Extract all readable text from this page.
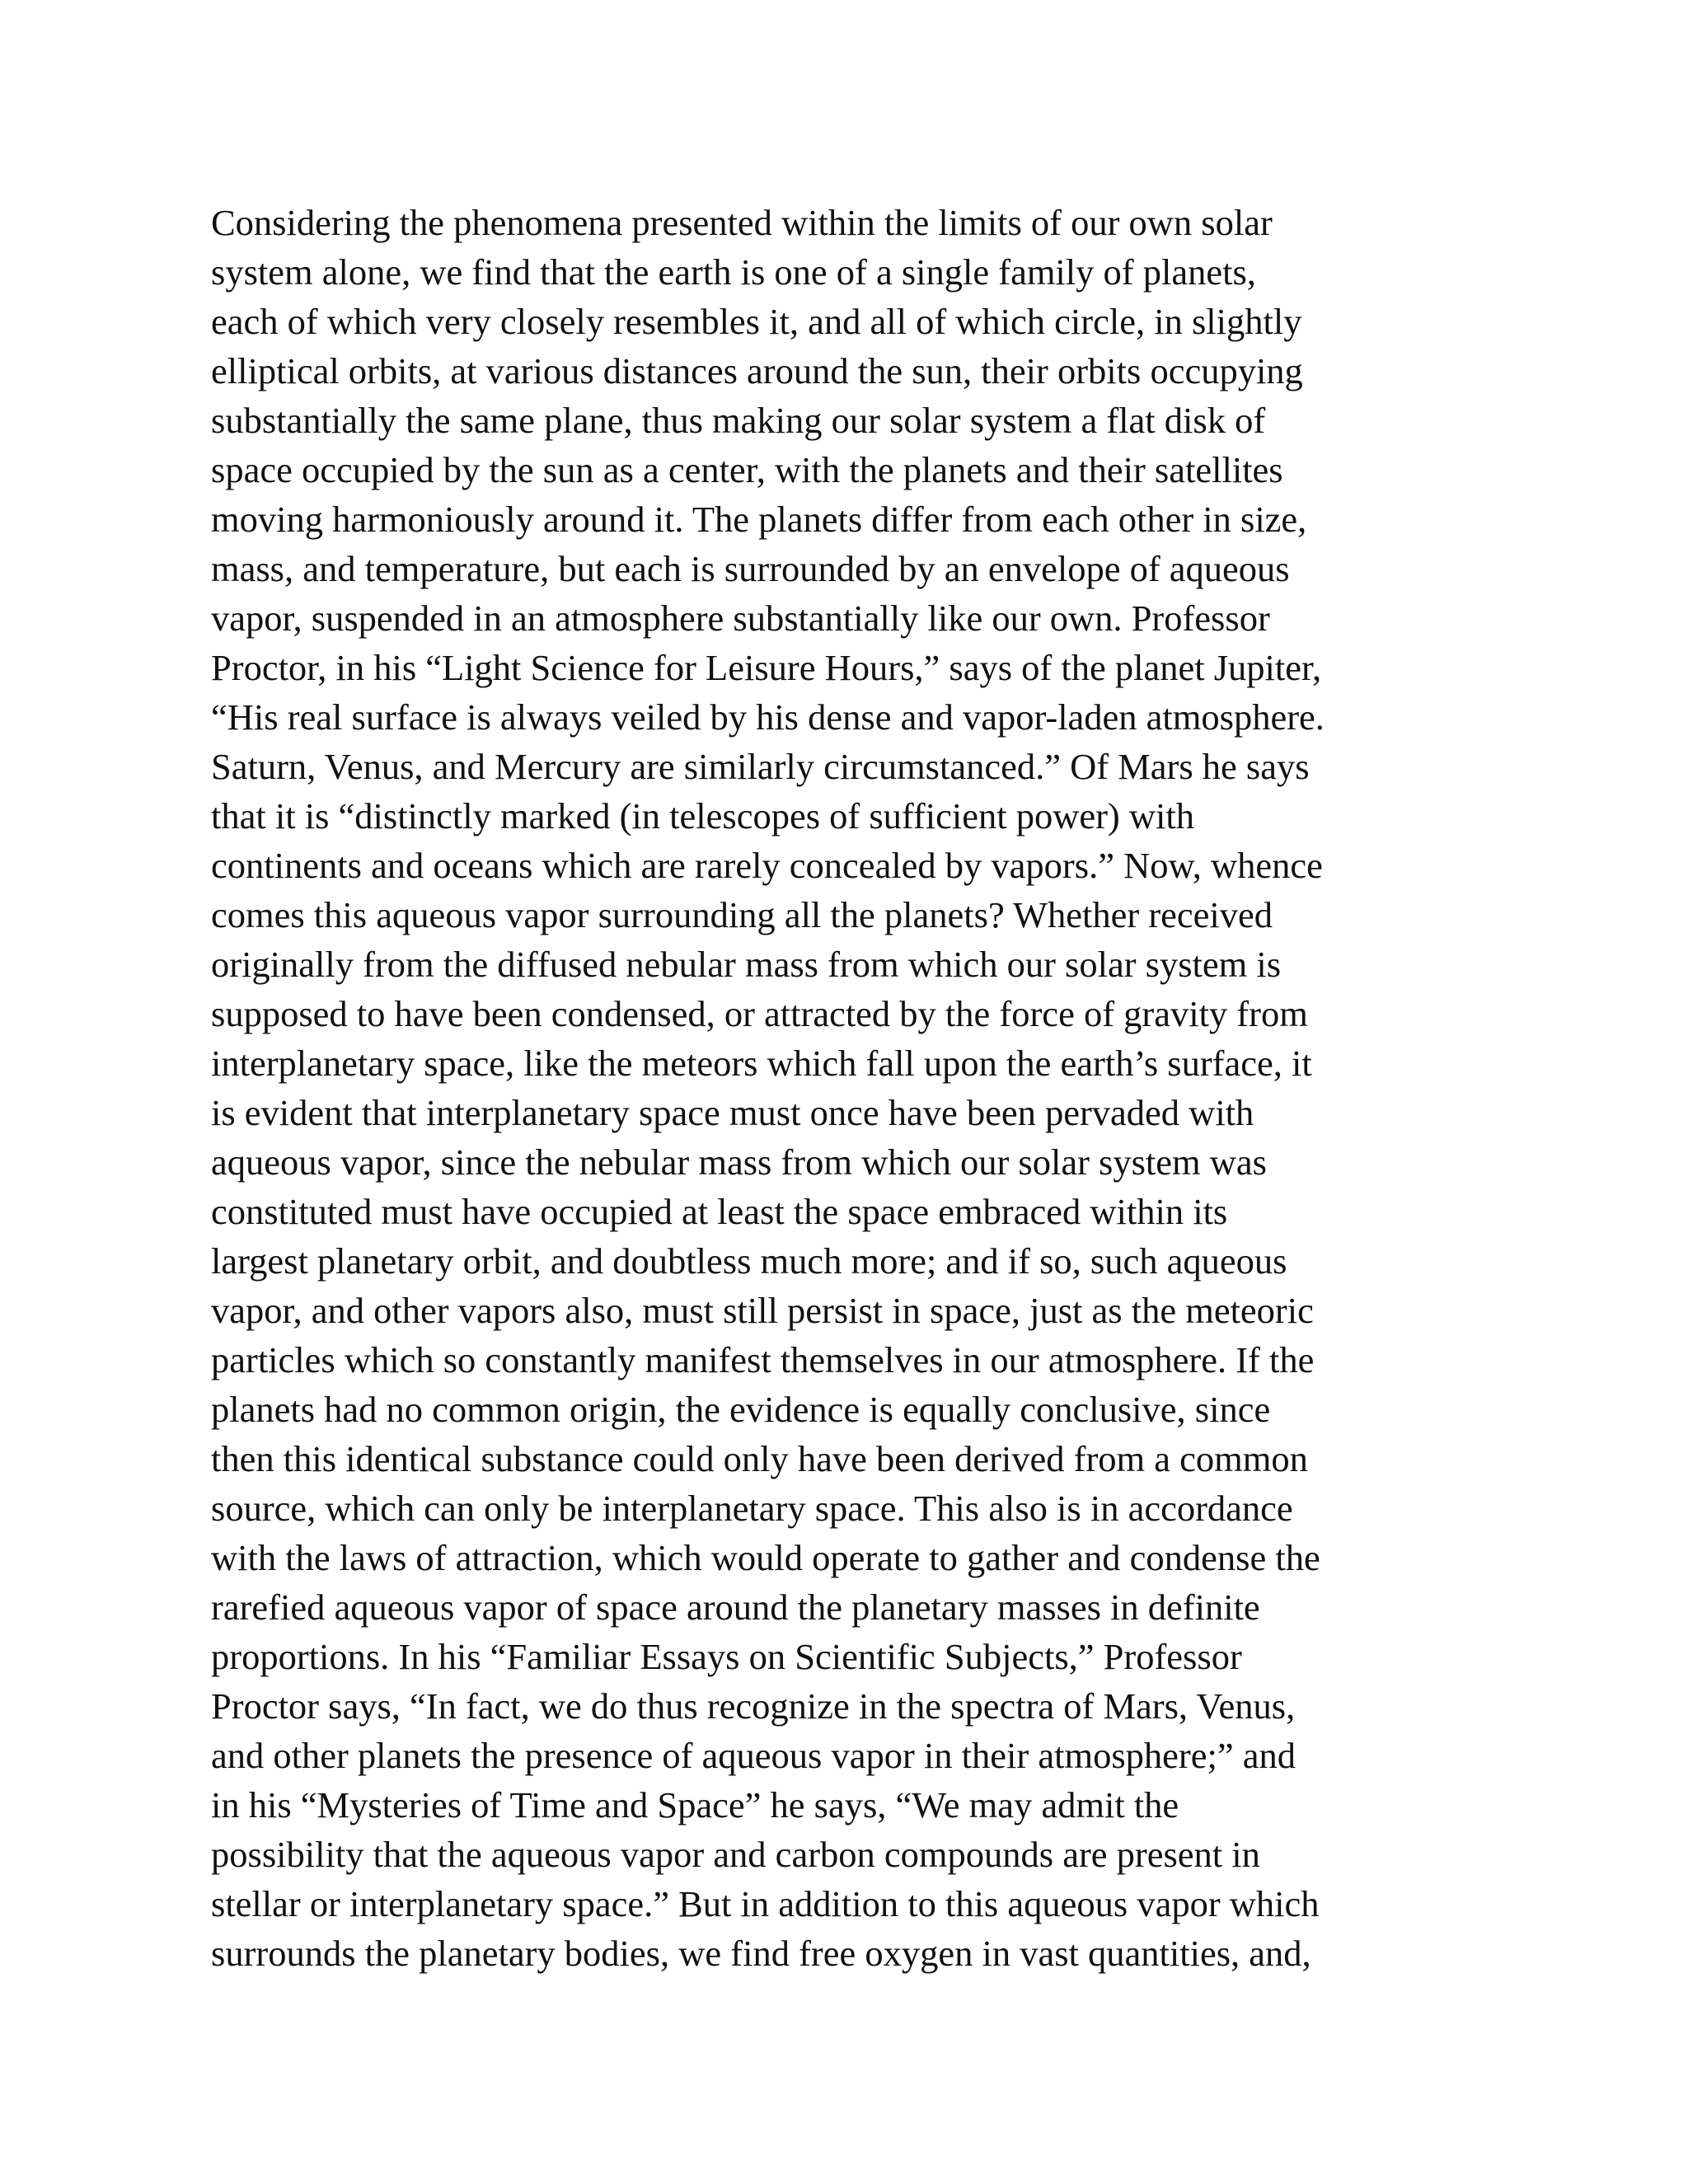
Considering the phenomena presented within the limits of our own solar
system alone, we find that the earth is one of a single family of planets,
each of which very closely resembles it, and all of which circle, in slightly
elliptical orbits, at various distances around the sun, their orbits occupying
substantially the same plane, thus making our solar system a flat disk of
space occupied by the sun as a center, with the planets and their satellites
moving harmoniously around it. The planets differ from each other in size,
mass, and temperature, but each is surrounded by an envelope of aqueous
vapor, suspended in an atmosphere substantially like our own. Professor
Proctor, in his “Light Science for Leisure Hours,” says of the planet Jupiter,
“His real surface is always veiled by his dense and vapor-laden atmosphere.
Saturn, Venus, and Mercury are similarly circumstanced.” Of Mars he says
that it is “distinctly marked (in telescopes of sufficient power) with
continents and oceans which are rarely concealed by vapors.” Now, whence
comes this aqueous vapor surrounding all the planets? Whether received
originally from the diffused nebular mass from which our solar system is
supposed to have been condensed, or attracted by the force of gravity from
interplanetary space, like the meteors which fall upon the earth’s surface, it
is evident that interplanetary space must once have been pervaded with
aqueous vapor, since the nebular mass from which our solar system was
constituted must have occupied at least the space embraced within its
largest planetary orbit, and doubtless much more; and if so, such aqueous
vapor, and other vapors also, must still persist in space, just as the meteoric
particles which so constantly manifest themselves in our atmosphere. If the
planets had no common origin, the evidence is equally conclusive, since
then this identical substance could only have been derived from a common
source, which can only be interplanetary space. This also is in accordance
with the laws of attraction, which would operate to gather and condense the
rarefied aqueous vapor of space around the planetary masses in definite
proportions. In his “Familiar Essays on Scientific Subjects,” Professor
Proctor says, “In fact, we do thus recognize in the spectra of Mars, Venus,
and other planets the presence of aqueous vapor in their atmosphere;” and
in his “Mysteries of Time and Space” he says, “We may admit the
possibility that the aqueous vapor and carbon compounds are present in
stellar or interplanetary space.” But in addition to this aqueous vapor which
surrounds the planetary bodies, we find free oxygen in vast quantities, and,
